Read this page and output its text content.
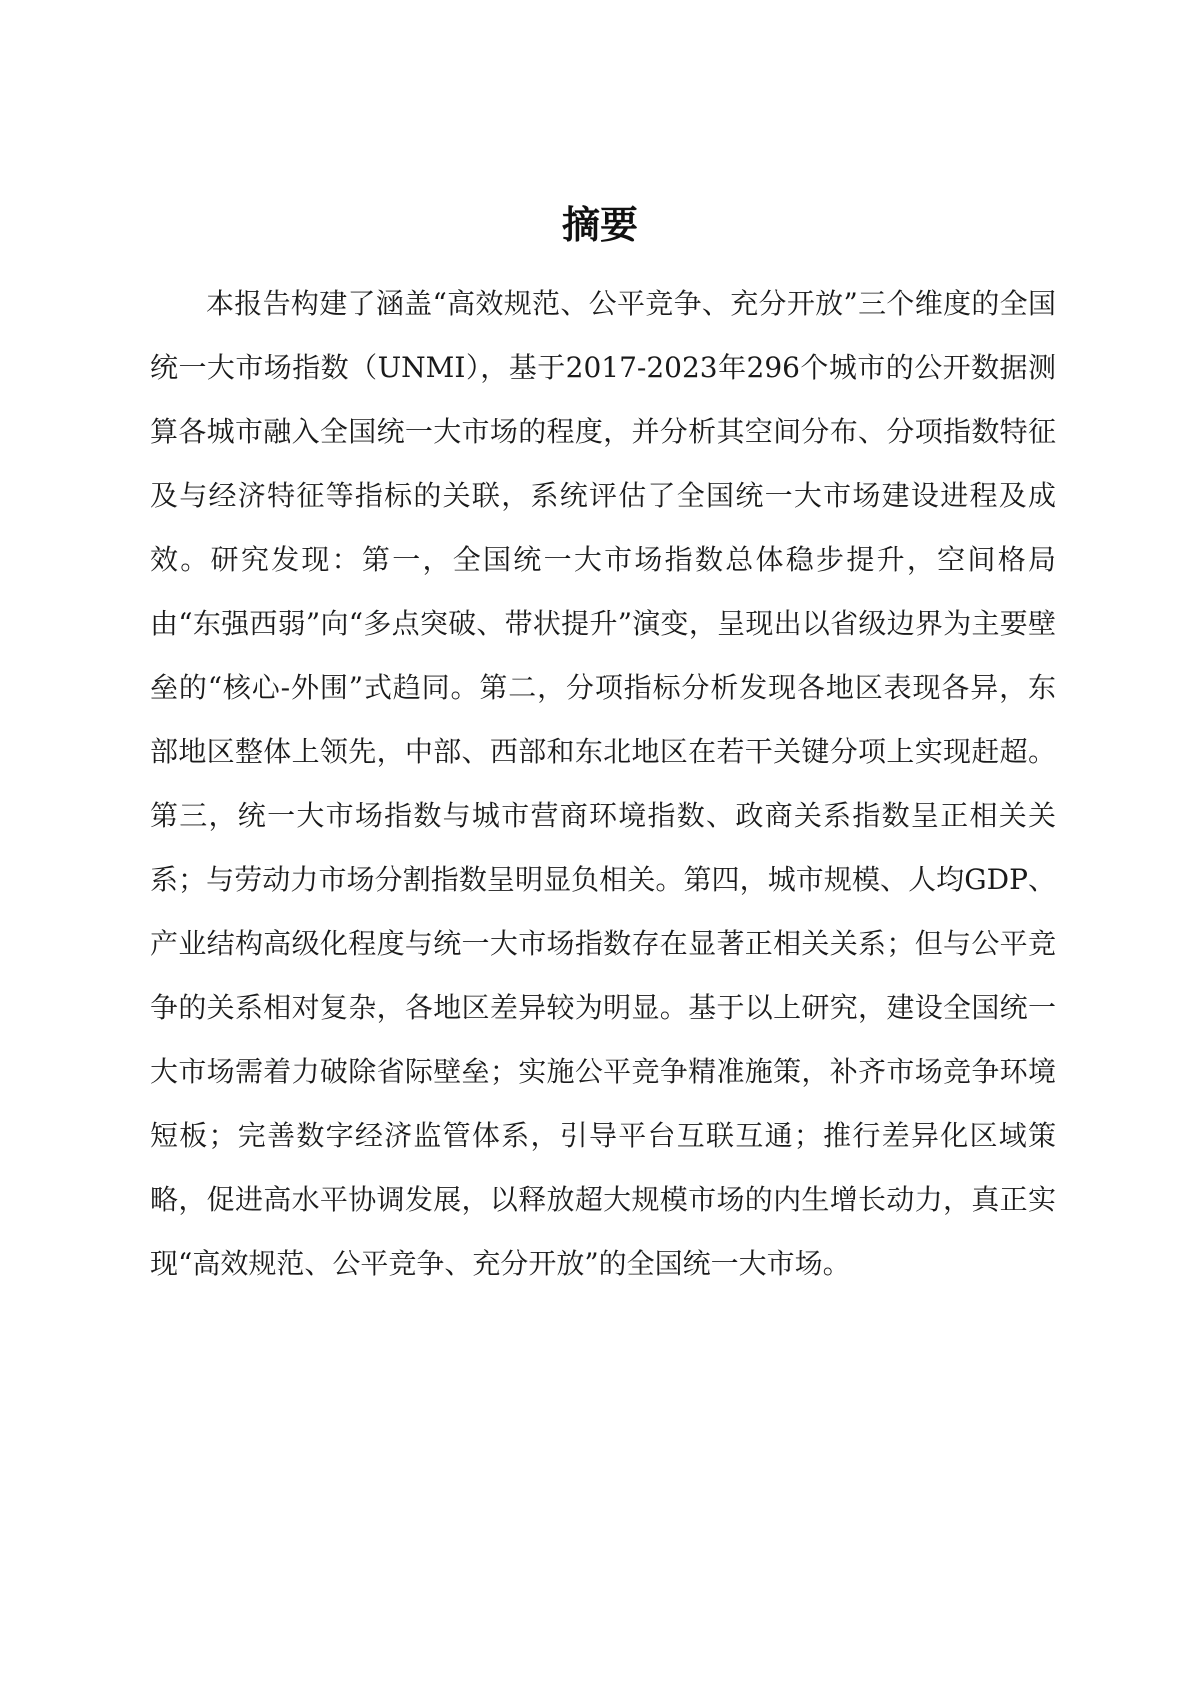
摘要

本报告构建了涵盖“高效规范、公平竞争、充分开放”三个维度的全国统一大市场指数（UNMI），基于2017-2023年296个城市的公开数据测算各城市融入全国统一大市场的程度，并分析其空间分布、分项指数特征及与经济特征等指标的关联，系统评估了全国统一大市场建设进程及成效。研究发现：第一，全国统一大市场指数总体稳步提升，空间格局由“东强西弱”向“多点突破、带状提升”演变，呈现出以省级边界为主要壁垒的“核心-外围”式趋同。第二，分项指标分析发现各地区表现各异，东部地区整体上领先，中部、西部和东北地区在若干关键分项上实现赶超。第三，统一大市场指数与城市营商环境指数、政商关系指数呈正相关关系；与劳动力市场分割指数呈明显负相关。第四，城市规模、人均GDP、产业结构高级化程度与统一大市场指数存在显著正相关关系；但与公平竞争的关系相对复杂，各地区差异较为明显。基于以上研究，建设全国统一大市场需着力破除省际壁垒；实施公平竞争精准施策，补齐市场竞争环境短板；完善数字经济监管体系，引导平台互联互通；推行差异化区域策略，促进高水平协调发展，以释放超大规模市场的内生增长动力，真正实现“高效规范、公平竞争、充分开放”的全国统一大市场。
